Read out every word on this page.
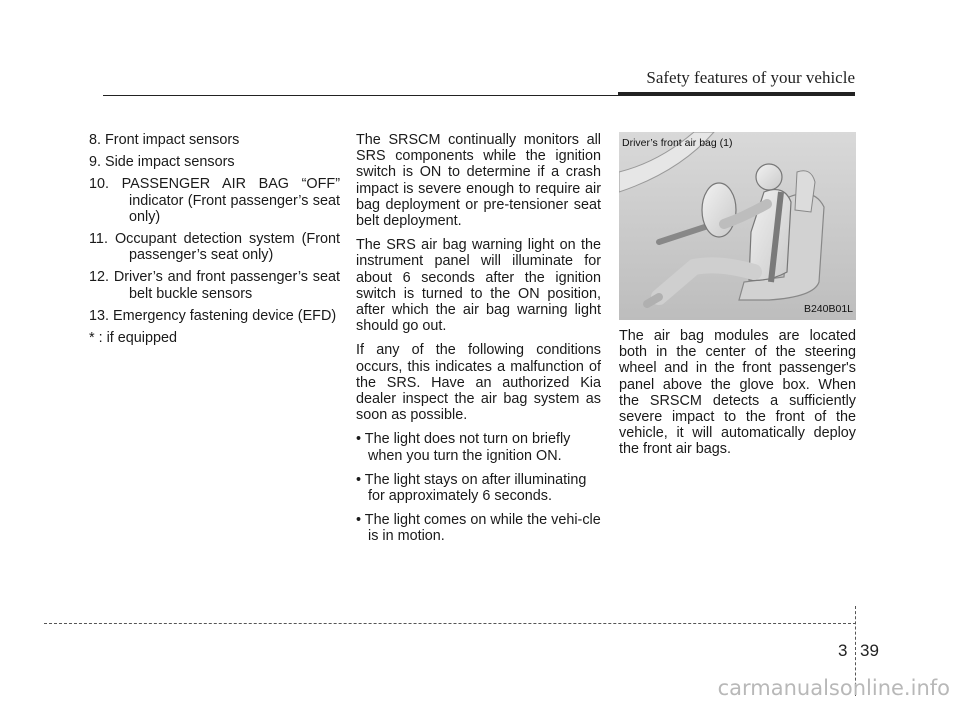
Safety features of your vehicle

8. Front impact sensors

9. Side impact sensors

10. PASSENGER AIR BAG “OFF” indicator (Front passenger’s seat only)

11. Occupant detection system (Front passenger’s seat only)

12. Driver’s and front passenger’s seat belt buckle sensors

13. Emergency fastening device (EFD)

* : if equipped

The SRSCM continually monitors all SRS components while the ignition switch is ON to determine if a crash impact is severe enough to require air bag deployment or pre-tensioner seat belt deployment.

The SRS air bag warning light on the instrument panel will illuminate for about 6 seconds after the ignition switch is turned to the ON position, after which the air bag warning light should go out.

If any of the following conditions occurs, this indicates a malfunction of the SRS. Have an authorized Kia dealer inspect the air bag system as soon as possible.

• The light does not turn on briefly when you turn the ignition ON.

• The light stays on after illuminating for approximately 6 seconds.

• The light comes on while the vehi-cle is in motion.

Driver’s front air bag (1)
B240B01L

The air bag modules are located both in the center of the steering wheel and in the front passenger's panel above the glove box. When the SRSCM detects a sufficiently severe impact to the front of the vehicle, it will automatically deploy the front air bags.

3 39
carmanualsonline.info
